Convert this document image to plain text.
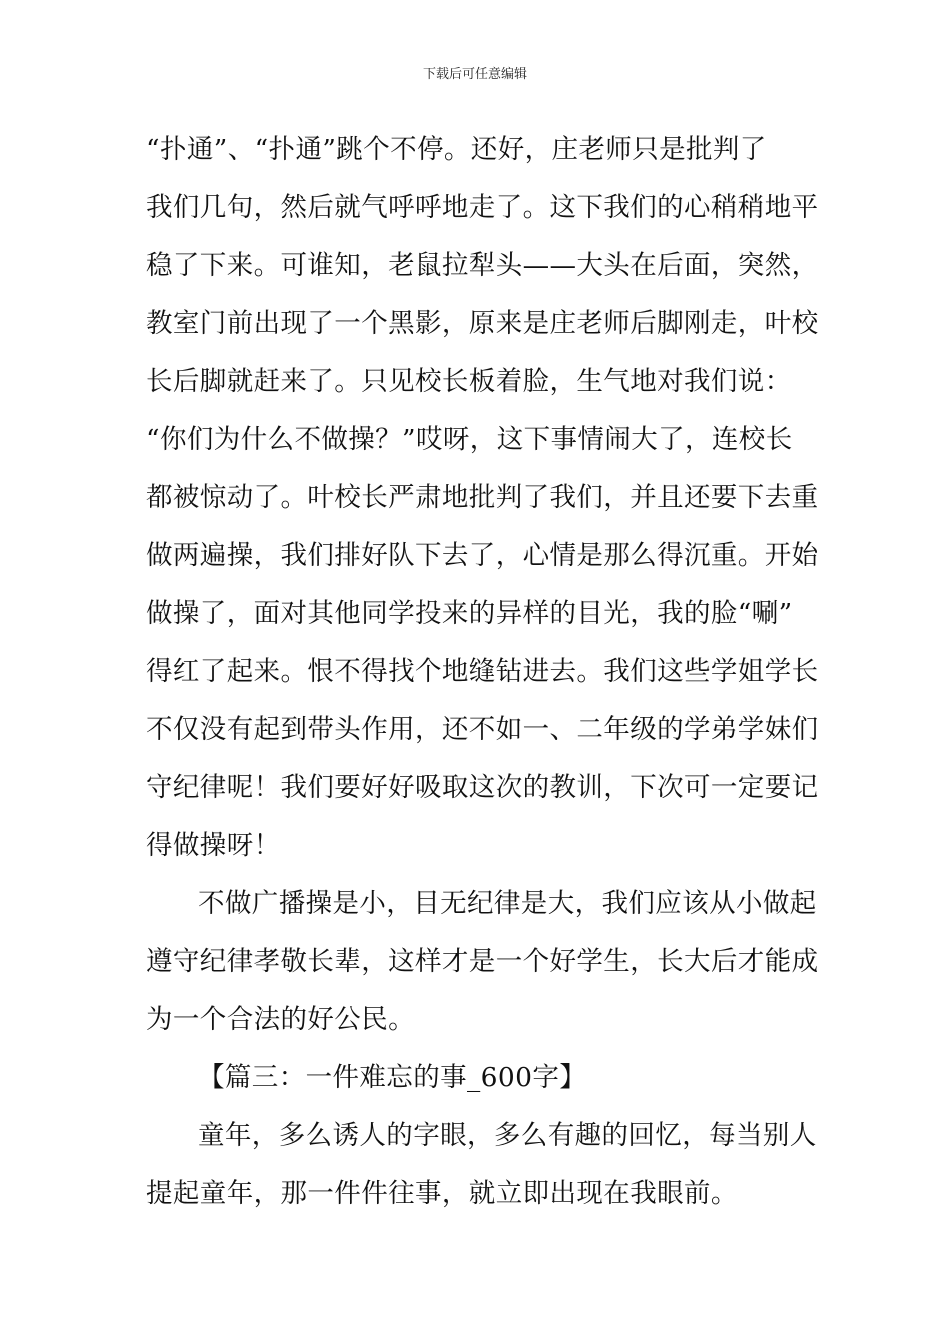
下载后可任意编辑
“扑通”、“扑通”跳个不停。还好，庄老师只是批判了
我们几句，然后就气呼呼地走了。这下我们的心稍稍地平
稳了下来。可谁知，老鼠拉犁头——大头在后面，突然，
教室门前出现了一个黑影，原来是庄老师后脚刚走，叶校
长后脚就赶来了。只见校长板着脸，生气地对我们说：
“你们为什么不做操？”哎呀，这下事情闹大了，连校长
都被惊动了。叶校长严肃地批判了我们，并且还要下去重
做两遍操，我们排好队下去了，心情是那么得沉重。开始
做操了，面对其他同学投来的异样的目光，我的脸“唰”
得红了起来。恨不得找个地缝钻进去。我们这些学姐学长
不仅没有起到带头作用，还不如一、二年级的学弟学妹们
守纪律呢！我们要好好吸取这次的教训，下次可一定要记
得做操呀！
不做广播操是小，目无纪律是大，我们应该从小做起
遵守纪律孝敬长辈，这样才是一个好学生，长大后才能成
为一个合法的好公民。
【篇三：一件难忘的事_600字】
童年，多么诱人的字眼，多么有趣的回忆，每当别人
提起童年，那一件件往事，就立即出现在我眼前。
